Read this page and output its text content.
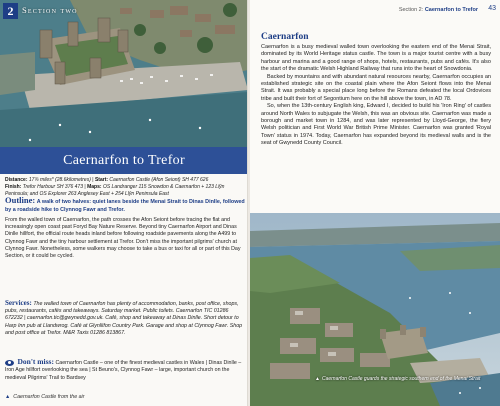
2	Section two
Caernarfon to Trefor
Distance: 17¾ miles* (28.6kilometres) | Start: Caernarfon Castle (Afon Seiont) SH 477 626
Finish: Trefor Harbour SH 376 473 | Maps: OS Landranger 115 Snowdon & Caernarfon + 123 Llŷn Peninsula; and OS Explorer 263 Anglesey East + 254 Llŷn Peninsula East
Outline: A walk of two halves: quiet lanes beside the Menai Strait to Dinas Dinlle, followed by a roadside hike to Clynnog Fawr and Trefor.
From the walled town of Caernarfon, the path crosses the Afon Seiont before tracing the flat and increasingly open coast past Foryd Bay Nature Reserve. Beyond tiny Caernarfon Airport and Dinas Dinlle hillfort, the official route heads inland before following roadside pavements along the A499 to Clynnog Fawr and the tiny harbour settlement at Trefor. Don't miss the important pilgrims' church at Clynnog Fawr. Nonetheless, some walkers may choose to take a bus or taxi for all or part of this Day Section, or it could be cycled.
Services: The walled town of Caernarfon has plenty of accommodation, banks, post office, shops, pubs, restaurants, cafés and takeaways. Saturday market. Public toilets. Caernarfon TIC 01286 672232 | caernarfon.tic@gwynedd.gov.uk. Café, shop and takeaway at Dinas Dinlle. Short detour to Harp Inn pub at Llandwrog. Café at Glynllifon Country Park. Garage and shop at Clynnog Fawr. Shop and post office at Trefor. M&R Taxis 01286 813867.
Don't miss: Caernarfon Castle – one of the finest medieval castles in Wales | Dinas Dinlle – Iron Age hillfort overlooking the sea | St Beuno's, Clynnog Fawr – large, important church on the medieval Pilgrims' Trail to Bardsey
▲ Caernarfon Castle from the air
Section 2: Caernarfon to Trefor 43
Caernarfon

Caernarfon is a busy medieval walled town overlooking the eastern end of the Menai Strait, dominated by its World Heritage status castle. The town is a major tourist centre with a busy harbour and marina and a good range of shops, hotels, restaurants, pubs and cafés. It's also the start of the dramatic Welsh Highland Railway that runs into the heart of Snowdonia.

Backed by mountains and with abundant natural resources nearby, Caernarfon occupies an established strategic site on the coastal plain where the Afon Seiont flows into the Menai Strait. It was probably a special place long before the Romans defeated the local Ordovices tribe and built their fort of Segontium here on the hill above the town, in AD 78.

So, when the 13th-century English king, Edward I, decided to build his 'Iron Ring' of castles around North Wales to subjugate the Welsh, this was an obvious site. Caernarfon was made a borough and market town in 1284, and was later represented by Lloyd-George, the fiery Welsh politician and First World War British Prime Minister. Caernarfon was granted 'Royal Town' status in 1974. Today, Caernarfon has expanded beyond its medieval walls and is the seat of Gwynedd County Council.

▲ Caernarfon Castle guards the strategic southern end of the Menai Strait
